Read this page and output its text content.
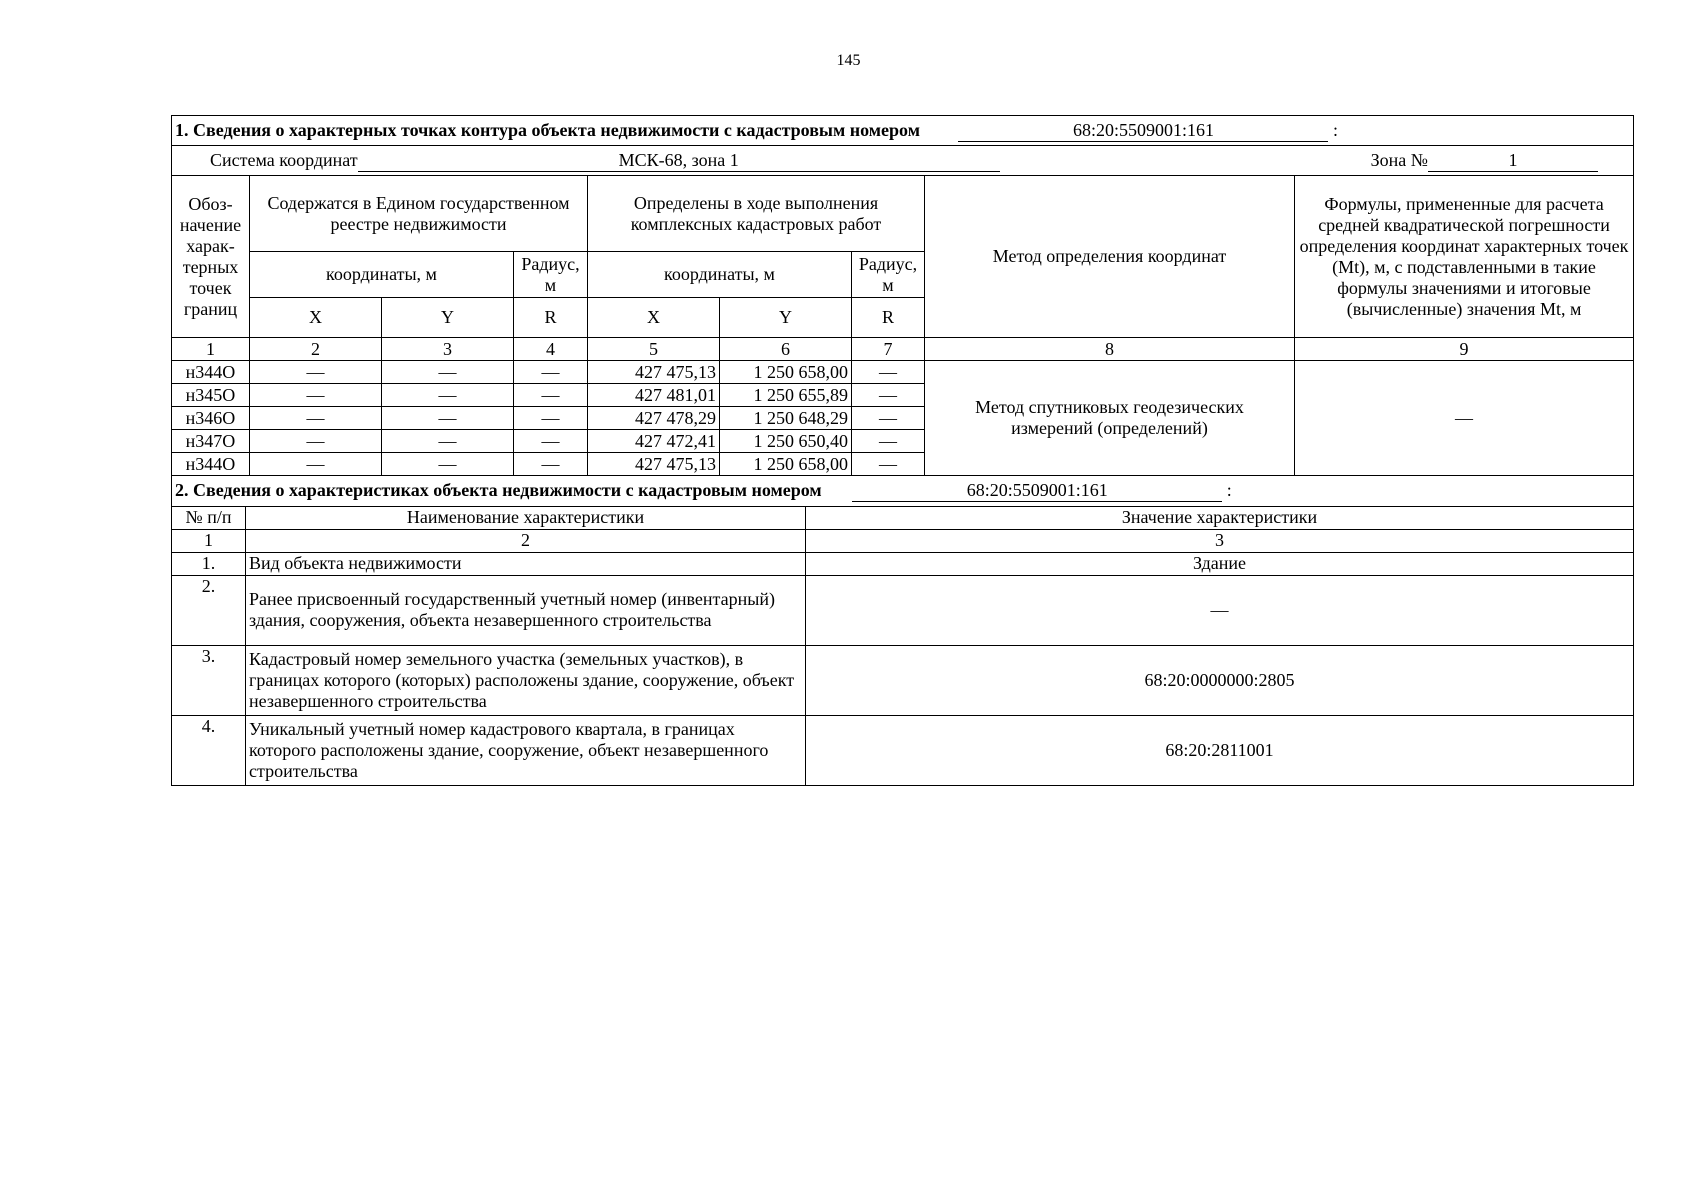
145
1. Сведения о характерных точках контура объекта недвижимости с кадастровым номером 68:20:5509001:161 :								
Система координат МСК-68, зона 1 Зона № 1								
Обоз-начение харак-терных точек границ	Содержатся в Едином государственном реестре недвижимости			Определены в ходе выполнения комплексных кадастровых работ			Метод определения координат	Формулы, примененные для расчета средней квадратической погрешности определения координат характерных точек (Mt), м, с подставленными в такие формулы значениями и итоговые (вычисленные) значения Mt, м
	координаты, м		Радиус, м	координаты, м		Радиус, м		
	X	Y	R	X	Y	R		
1	2	3	4	5	6	7	8	9
н344О	—	—	—	427 475,13	1 250 658,00	—	Метод спутниковых геодезических измерений (определений)	—
н345О	—	—	—	427 481,01	1 250 655,89	—		
н346О	—	—	—	427 478,29	1 250 648,29	—		
н347О	—	—	—	427 472,41	1 250 650,40	—		
н344О	—	—	—	427 475,13	1 250 658,00	—		
2. Сведения о характеристиках объекта недвижимости с кадастровым номером 68:20:5509001:161 :		
№ п/п	Наименование характеристики	Значение характеристики
1	2	3
1.	Вид объекта недвижимости	Здание
2.	Ранее присвоенный государственный учетный номер (инвентарный) здания, сооружения, объекта незавершенного строительства	—
3.	Кадастровый номер земельного участка (земельных участков), в границах которого (которых) расположены здание, сооружение, объект незавершенного строительства	68:20:0000000:2805
4.	Уникальный учетный номер кадастрового квартала, в границах которого расположены здание, сооружение, объект незавершенного строительства	68:20:2811001
